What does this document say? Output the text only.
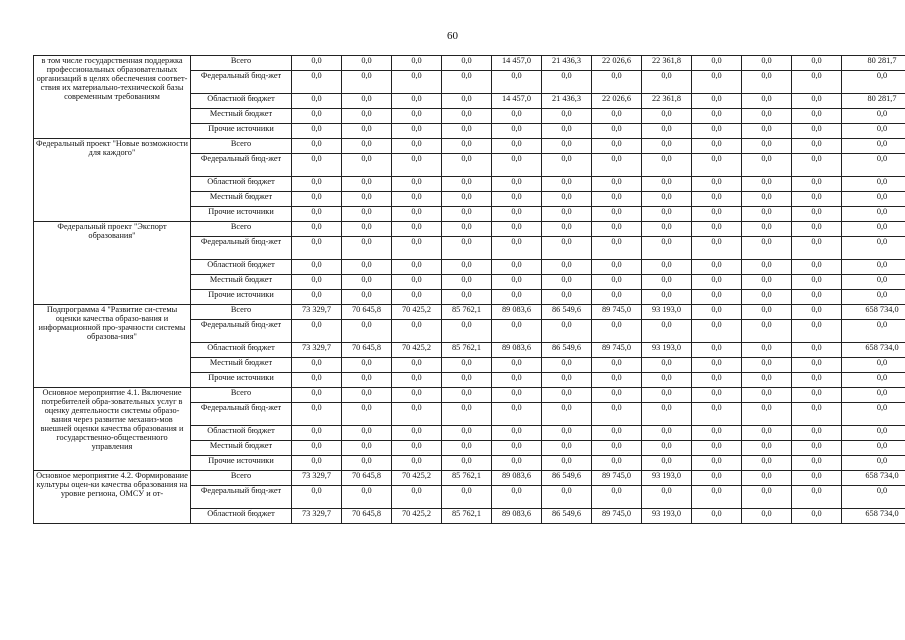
60
в том числе государственная поддержка профессиональных образовательных организаций в целях обеспечения соответ-ствия их материально-технической базы современным требованиям	Всего	0,0	0,0	0,0	0,0	14 457,0	21 436,3	22 026,6	22 361,8	0,0	0,0	0,0	80 281,7
	Федеральный бюд-жет	0,0	0,0	0,0	0,0	0,0	0,0	0,0	0,0	0,0	0,0	0,0	0,0
	Областной бюджет	0,0	0,0	0,0	0,0	14 457,0	21 436,3	22 026,6	22 361,8	0,0	0,0	0,0	80 281,7
	Местный бюджет	0,0	0,0	0,0	0,0	0,0	0,0	0,0	0,0	0,0	0,0	0,0	0,0
	Прочие источники	0,0	0,0	0,0	0,0	0,0	0,0	0,0	0,0	0,0	0,0	0,0	0,0
Федеральный проект "Новые возможности для каждого"	Всего	0,0	0,0	0,0	0,0	0,0	0,0	0,0	0,0	0,0	0,0	0,0	0,0
	Федеральный бюд-жет	0,0	0,0	0,0	0,0	0,0	0,0	0,0	0,0	0,0	0,0	0,0	0,0
	Областной бюджет	0,0	0,0	0,0	0,0	0,0	0,0	0,0	0,0	0,0	0,0	0,0	0,0
	Местный бюджет	0,0	0,0	0,0	0,0	0,0	0,0	0,0	0,0	0,0	0,0	0,0	0,0
	Прочие источники	0,0	0,0	0,0	0,0	0,0	0,0	0,0	0,0	0,0	0,0	0,0	0,0
Федеральный проект "Экспорт образования"	Всего	0,0	0,0	0,0	0,0	0,0	0,0	0,0	0,0	0,0	0,0	0,0	0,0
	Федеральный бюд-жет	0,0	0,0	0,0	0,0	0,0	0,0	0,0	0,0	0,0	0,0	0,0	0,0
	Областной бюджет	0,0	0,0	0,0	0,0	0,0	0,0	0,0	0,0	0,0	0,0	0,0	0,0
	Местный бюджет	0,0	0,0	0,0	0,0	0,0	0,0	0,0	0,0	0,0	0,0	0,0	0,0
	Прочие источники	0,0	0,0	0,0	0,0	0,0	0,0	0,0	0,0	0,0	0,0	0,0	0,0
Подпрограмма 4 "Развитие си-стемы оценки качества образо-вания и информационной про-зрачности системы образова-ния"	Всего	73 329,7	70 645,8	70 425,2	85 762,1	89 083,6	86 549,6	89 745,0	93 193,0	0,0	0,0	0,0	658 734,0
	Федеральный бюд-жет	0,0	0,0	0,0	0,0	0,0	0,0	0,0	0,0	0,0	0,0	0,0	0,0
	Областной бюджет	73 329,7	70 645,8	70 425,2	85 762,1	89 083,6	86 549,6	89 745,0	93 193,0	0,0	0,0	0,0	658 734,0
	Местный бюджет	0,0	0,0	0,0	0,0	0,0	0,0	0,0	0,0	0,0	0,0	0,0	0,0
	Прочие источники	0,0	0,0	0,0	0,0	0,0	0,0	0,0	0,0	0,0	0,0	0,0	0,0
Основное мероприятие 4.1. Включение потребителей обра-зовательных услуг в оценку деятельности системы образо-вания через развитие механиз-мов внешней оценки качества образования и государственно-общественного управления	Всего	0,0	0,0	0,0	0,0	0,0	0,0	0,0	0,0	0,0	0,0	0,0	0,0
	Федеральный бюд-жет	0,0	0,0	0,0	0,0	0,0	0,0	0,0	0,0	0,0	0,0	0,0	0,0
	Областной бюджет	0,0	0,0	0,0	0,0	0,0	0,0	0,0	0,0	0,0	0,0	0,0	0,0
	Местный бюджет	0,0	0,0	0,0	0,0	0,0	0,0	0,0	0,0	0,0	0,0	0,0	0,0
	Прочие источники	0,0	0,0	0,0	0,0	0,0	0,0	0,0	0,0	0,0	0,0	0,0	0,0
Основное мероприятие 4.2. Формирование культуры оцен-ки качества образования на уровне региона, ОМСУ и от-	Всего	73 329,7	70 645,8	70 425,2	85 762,1	89 083,6	86 549,6	89 745,0	93 193,0	0,0	0,0	0,0	658 734,0
	Федеральный бюд-жет	0,0	0,0	0,0	0,0	0,0	0,0	0,0	0,0	0,0	0,0	0,0	0,0
	Областной бюджет	73 329,7	70 645,8	70 425,2	85 762,1	89 083,6	86 549,6	89 745,0	93 193,0	0,0	0,0	0,0	658 734,0
